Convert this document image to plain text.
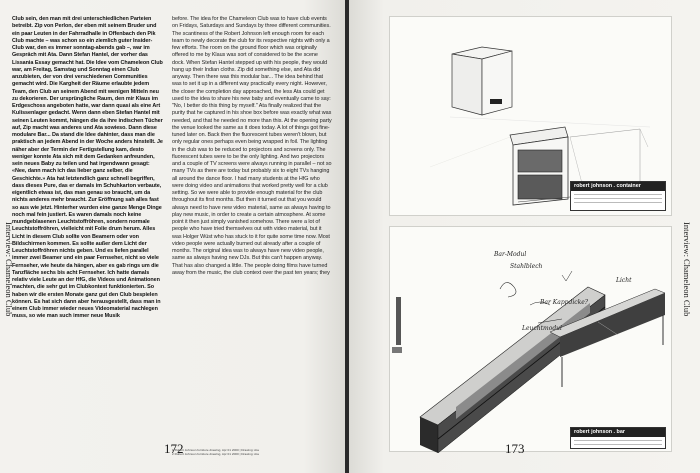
Interview: Chameleon Club
Club sein, den man mit drei unterschiedlichen Parteien betreibt. Zip von Perlon, der eben mit seinem Bruder und ein paar Leuten in der Fahrradhalle in Offenbach den Pik Club machte – was schon so ein ziemlich guter Insider-Club war, den es immer sonntag-abends gab –, war im Gespräch mit Ata. Dann Stefan Hantel, der vorher das Lissania Essay gemacht hat. Die Idee vom Chameleon Club war, am Freitag, Samstag und Sonntag einen Club anzubieten, der von drei verschiedenen Communities gemacht wird. Die Kargheit der Räume erlaubte jedem Team, den Club an seinem Abend mit wenigen Mitteln neu zu dekorieren. Der ursprüngliche Raum, den mir Klaus im Erdgeschoss angeboten hatte, war dann quasi als eine Art Kulissenlager gedacht. Wenn dann eben Stefan Hantel mit seinen Leuten kommt, hängen die da ihre indischen Tücher auf, Zip macht was anderes und Ata sowieso. Dann diese modulare Bar... Da stand die Idee dahinter, dass man die praktisch an jedem Abend in der Woche anders hinstellt. Je näher aber der Termin der Fertigstellung kam, desto weniger konnte Ata sich mit dem Gedanken anfreunden, sein neues Baby zu teilen und hat irgendwann gesagt: «Nee, dann mach ich das lieber ganz selber, die Geschichte.» Ata hat letztendlich ganz schnell begriffen, dass dieses Pure, das er damals im Schuhkarton verbaute, eigentlich etwas ist, das man genau so braucht, um da nichts anderes mehr braucht. Zur Eröffnung sah alles fast so aus wie jetzt. Hinterher wurden eine ganze Menge Dinge noch mal fein justiert. Es waren damals noch keine mundgeblasenen Leuchtstoffröhren, sondern normale Leuchtstoffröhren, vielleicht mit Folie drum herum. Alles Licht in diesem Club sollte von Beamern oder von Bildschirmen kommen. Es sollte außer dem Licht der Leuchtstoffröhren nichts geben. Und es liefen parallel immer zwei Beamer und ein paar Fernseher, nicht so viele Fernseher, wie heute da hängen, aber es gab rings um die Tanzfläche sechs bis acht Fernseher. Ich hatte damals relativ viele Leute an der HfG, die Videos und Animationen machten, die sehr gut im Clubkontext funktionierten. So haben wir die ersten Monate ganz gut den Club bespielen können. Es hat sich dann aber herausgestellt, dass man in einem Club immer wieder neues Videomaterial nachlegen muss, so wie man such immer neue Musik
before. The idea for the Chameleon Club was to have club events on Fridays, Saturdays and Sundays by three different communities. The scantiness of the Robert Johnson left enough room for each team to newly decorate the club for its respective nights with only a few efforts. The room on the ground floor which was originally offered to me by Klaus was sort of considered to be the scene dock. When Stefan Hantel stepped up with his people, they would hang up their Indian cloths. Zip did something else, and Ata did anyway. Then there was this modular bar... The idea behind that was to set it up in a different way practically every night. However, the closer the completion day approached, the less Ata could get used to the idea to share his new baby and eventually came to say: "No, I better do this thing by myself." Ata finally realized that the purity that he captured in his shoe box before was exactly what was needed, and that he needed no more than this. At the opening party the venue looked the same as it does today. A lot of things got fine-tuned later on. Back then the fluorescent tubes weren't blown, but only regular ones perhaps even being wrapped in foil. The lighting in the club was to be reduced to projectors and screens only. The fluorescent tubes were to be the only lighting. And two projectors and a couple of TV screens were always running in parallel – not so many TVs as there are today but probably six to eight TVs hanging all around the dance floor. I had many students at the HfG who were doing video and animations that worked pretty well for a club setting. So we were able to provide enough material for the club throughout its first months. But then it turned out that you would always need to have new video material, same as always having to play new music, in order to create a certain atmosphere. At some point it then just simply vanished somehow. There were a lot of people who have tried themselves out with video material, but it was Holger Wüst who has stuck to it for quite some time now. Most video people were actually burned out already after a couple of months. The original idea was to always have new video people, same as always having new DJs. But this can't happen anyway. That has also changed a little. The people doing films have turned away from the music, the club context over the past ten years; they
1 Robert Johnson furniture drawing, Apr 01 2000 | Drawing: Ata
2 Robert Johnson furniture drawing, Apr 01 2000 | Drawing: Ata
172
robert johnson . container
Bar-Modul
Stahlblech
Bar Kappdicke?
Leuchtmodul
Licht
robert johnson . bar
Interview: Chameleon Club
173
